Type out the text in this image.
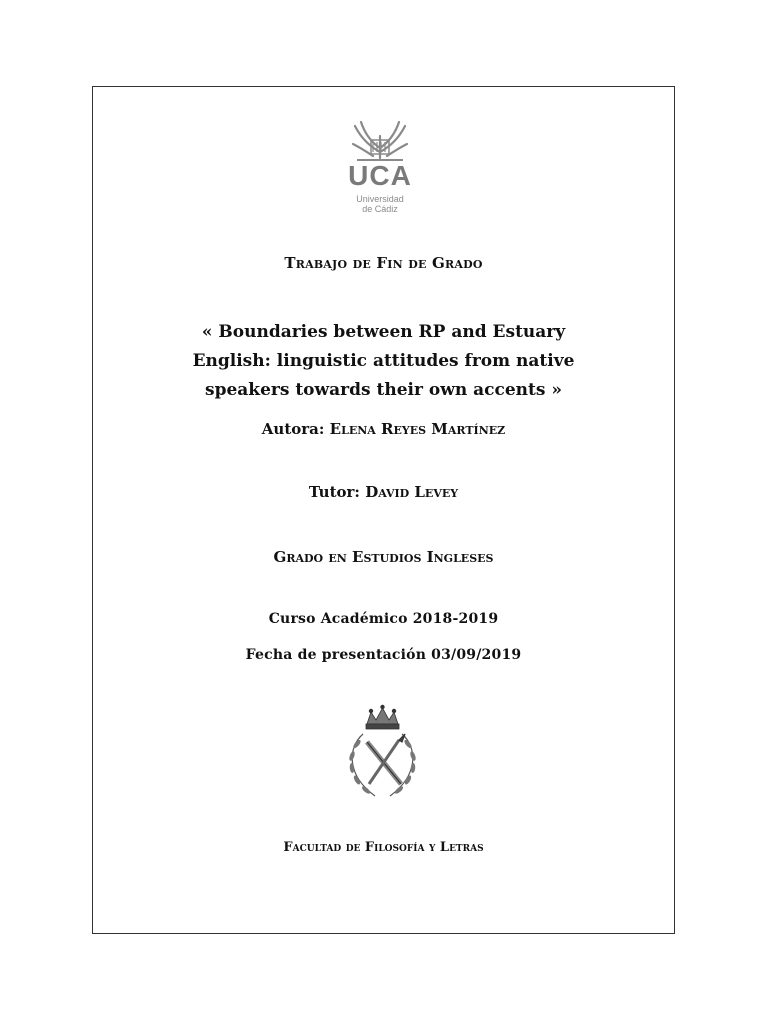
UCA
Universidad
de Cádiz
Trabajo de Fin de Grado
« Boundaries between RP and Estuary
English: linguistic attitudes from native
speakers towards their own accents »
Autora: Elena Reyes Martínez
Tutor: David Levey
Grado en Estudios Ingleses
Curso Académico 2018-2019
Fecha de presentación 03/09/2019
Facultad de Filosofía y Letras
